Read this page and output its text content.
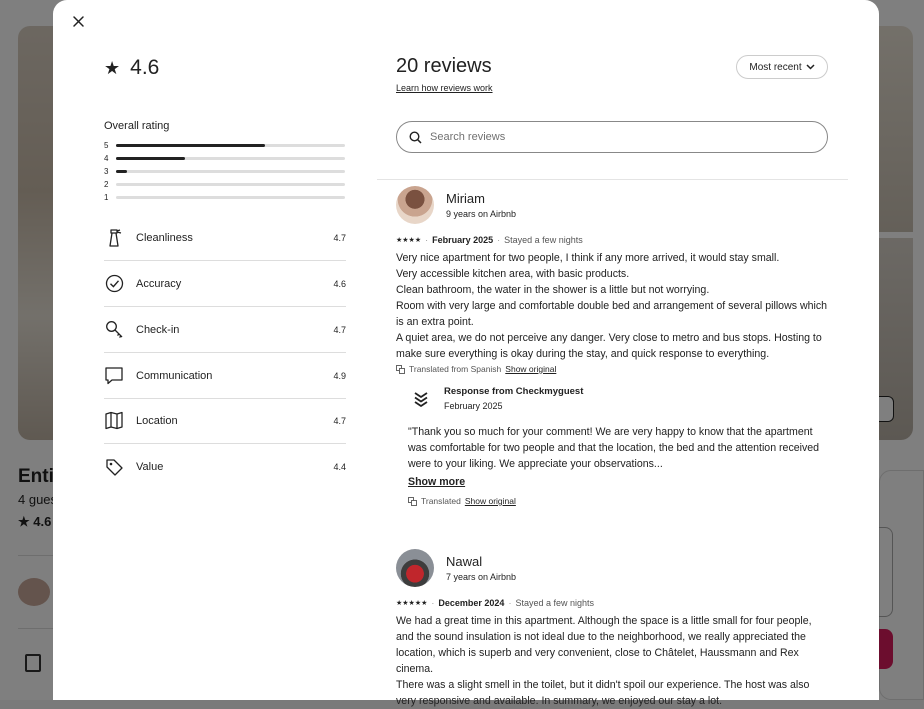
★ 4.6
Overall rating
5
4
3
2
1
Cleanliness	4.7
Accuracy	4.6
Check-in	4.7
Communication	4.9
Location	4.7
Value	4.4
20 reviews
Learn how reviews work
Most recent
Search reviews
Miriam
9 years on Airbnb
★★★★ · February 2025 · Stayed a few nights
Very nice apartment for two people, I think if any more arrived, it would stay small.
Very accessible kitchen area, with basic products.
Clean bathroom, the water in the shower is a little but not worrying.
Room with very large and comfortable double bed and arrangement of several pillows which is an extra point.
A quiet area, we do not perceive any danger. Very close to metro and bus stops. Hosting to make sure everything is okay during the stay, and quick response to everything.
Translated from Spanish Show original
Response from Checkmyguest
February 2025
"Thank you so much for your comment! We are very happy to know that the apartment was comfortable for two people and that the location, the bed and the attention received were to your liking. We appreciate your observations...
Show more
Translated Show original
Nawal
7 years on Airbnb
★★★★★ · December 2024 · Stayed a few nights
We had a great time in this apartment. Although the space is a little small for four people, and the sound insulation is not ideal due to the neighborhood, we really appreciated the location, which is superb and very convenient, close to Châtelet, Haussmann and Rex cinema.
There was a slight smell in the toilet, but it didn't spoil our experience. The host was also very responsive and available. In summary, we enjoyed our stay a lot.
